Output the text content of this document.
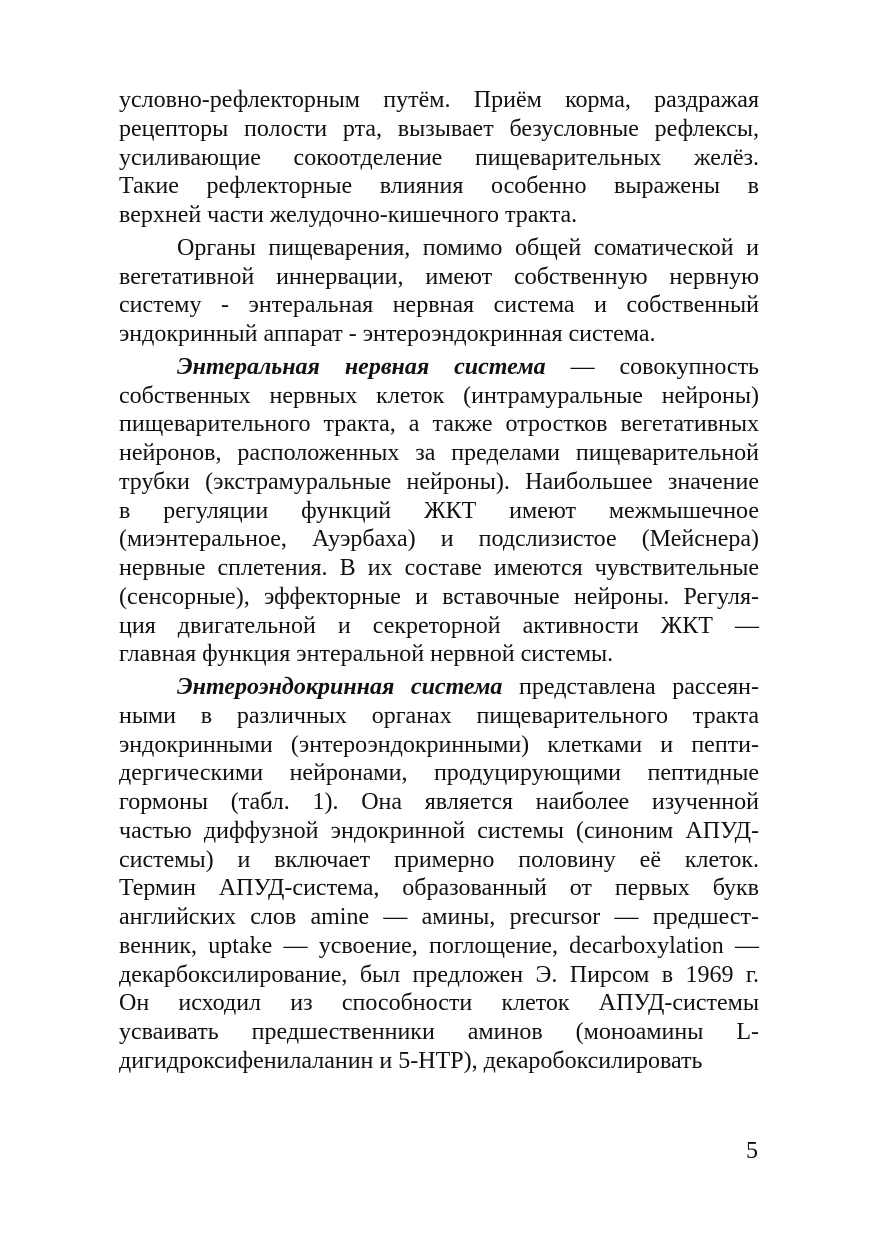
условно-рефлекторным путём. Приём корма, раздражая
рецепторы полости рта, вызывает безусловные рефлексы,
усиливающие сокоотделение пищеварительных желёз.
Такие рефлекторные влияния особенно выражены в
верхней части желудочно-кишечного тракта.
Органы пищеварения, помимо общей соматической и
вегетативной иннервации, имеют собственную нервную
систему - энтеральная нервная система и собственный
эндокринный аппарат - энтероэндокринная система.
Энтеральная нервная система — совокупность
собственных нервных клеток (интрамуральные нейроны)
пищеварительного тракта, а также отростков вегетативных
нейронов, расположенных за пределами пищеварительной
трубки (экстрамуральные нейроны). Наибольшее значение
в регуляции функций ЖКТ имеют межмышечное
(миэнтеральное, Ауэрбаха) и подслизистое (Мейснера)
нервные сплетения. В их составе имеются чувствительные
(сенсорные), эффекторные и вставочные нейроны. Регуля-
ция двигательной и секреторной активности ЖКТ —
главная функция энтеральной нервной системы.
Энтероэндокринная система представлена рассеян-
ными в различных органах пищеварительного тракта
эндокринными (энтероэндокринными) клетками и пепти-
дергическими нейронами, продуцирующими пептидные
гормоны (табл. 1). Она является наиболее изученной
частью диффузной эндокринной системы (синоним АПУД-
системы) и включает примерно половину её клеток.
Термин АПУД-система, образованный от первых букв
английских слов amine — амины, precursor — предшест-
венник, uptake — усвоение, поглощение, decarboxylation —
декарбоксилирование, был предложен Э. Пирсом в 1969 г.
Он исходил из способности клеток АПУД-системы
усваивать предшественники аминов (моноамины L-
дигидроксифенилаланин и 5-HTP), декаробоксилировать
5
